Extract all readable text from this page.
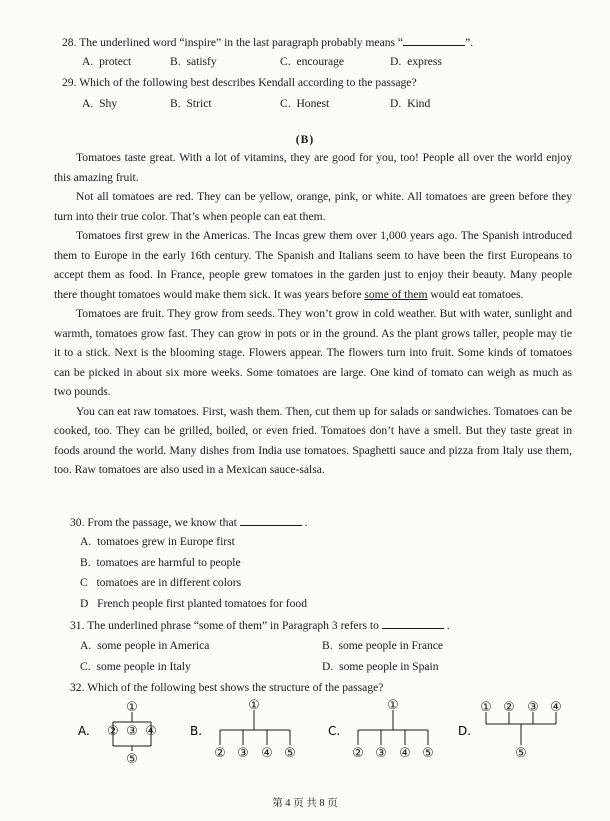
28. The underlined word “inspire” in the last paragraph probably means “	”.
A. protect	B. satisfy	C. encourage	D. express
29. Which of the following best describes Kendall according to the passage?
A. Shy	B. Strict	C. Honest	D. Kind
(B)

Tomatoes taste great. With a lot of vitamins, they are good for you, too! People all over the world enjoy this amazing fruit.

Not all tomatoes are red. They can be yellow, orange, pink, or white. All tomatoes are green before they turn into their true color. That’s when people can eat them.

Tomatoes first grew in the Americas. The Incas grew them over 1,000 years ago. The Spanish introduced them to Europe in the early 16th century. The Spanish and Italians seem to have been the first Europeans to accept them as food. In France, people grew tomatoes in the garden just to enjoy their beauty. Many people there thought tomatoes would make them sick. It was years before some of them would eat tomatoes.

Tomatoes are fruit. They grow from seeds. They won’t grow in cold weather. But with water, sunlight and warmth, tomatoes grow fast. They can grow in pots or in the ground. As the plant grows taller, people may tie it to a stick. Next is the blooming stage. Flowers appear. The flowers turn into fruit. Some kinds of tomatoes can be picked in about six more weeks. Some tomatoes are large. One kind of tomato can weigh as much as two pounds.

You can eat raw tomatoes. First, wash them. Then, cut them up for salads or sandwiches. Tomatoes can be cooked, too. They can be grilled, boiled, or even fried. Tomatoes don’t have a smell. But they taste great in foods around the world. Many dishes from India use tomatoes. Spaghetti sauce and pizza from Italy use them, too. Raw tomatoes are also used in a Mexican sauce-salsa.

30. From the passage, we know that	.
A. tomatoes grew in Europe first
B. tomatoes are harmful to people
C tomatoes are in different colors
D French people first planted tomatoes for food
31. The underlined phrase “some of them” in Paragraph 3 refers to	.
A. some people in America	B. some people in France
C. some people in Italy	D. some people in Spain
32. Which of the following best shows the structure of the passage?
A.	B.	C.	D.
①
② ③ ④
⑤
①
② ③ ④ ⑤
①
② ③ ④ ⑤
① ② ③ ④
⑤
第 4 页 共 8 页
